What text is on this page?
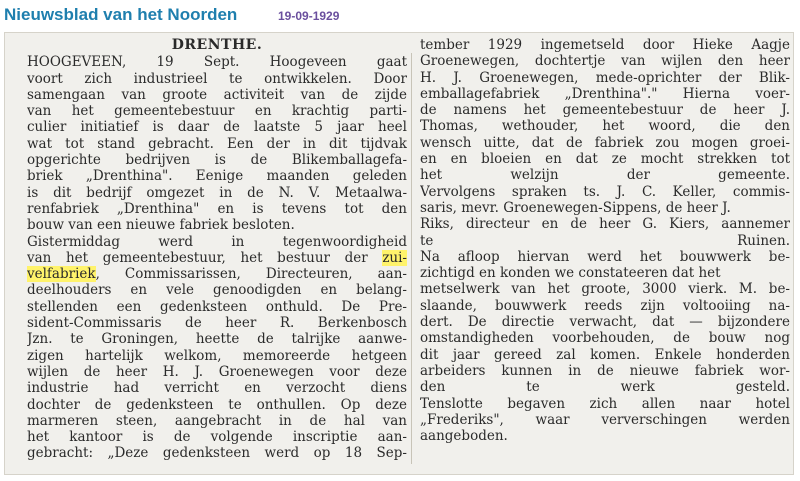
Nieuwsblad van het Noorden	19-09-1929
DRENTHE.
HOOGEVEEN, 19 Sept. Hoogeveen gaat
voort zich industrieel te ontwikkelen. Door
samengaan van groote activiteit van de zijde
van het gemeentebestuur en krachtig parti-
culier initiatief is daar de laatste 5 jaar heel
wat tot stand gebracht. Een der in dit tijdvak
opgerichte bedrijven is de Blikemballagefa-
briek „Drenthina". Eenige maanden geleden
is dit bedrijf omgezet in de N. V. Metaalwa-
renfabriek „Drenthina" en is tevens tot den
bouw van een nieuwe fabriek besloten.
Gistermiddag werd in tegenwoordigheid
van het gemeentebestuur, het bestuur der zui-
velfabriek, Commissarissen, Directeuren, aan-
deelhouders en vele genoodigden en belang-
stellenden een gedenksteen onthuld. De Pre-
sident-Commissaris de heer R. Berkenbosch
Jzn. te Groningen, heette de talrijke aanwe-
zigen hartelijk welkom, memoreerde hetgeen
wijlen de heer H. J. Groenewegen voor deze
industrie had verricht en verzocht diens
dochter de gedenksteen te onthullen. Op deze
marmeren steen, aangebracht in de hal van
het kantoor is de volgende inscriptie aan-
gebracht: „Deze gedenksteen werd op 18 Sep-
tember 1929 ingemetseld door Hieke Aagje
Groenewegen, dochtertje van wijlen den heer
H. J. Groenewegen, mede-oprichter der Blik-
emballagefabriek „Drenthina"." Hierna voer-
de namens het gemeentebestuur de heer J.
Thomas, wethouder, het woord, die den
wensch uitte, dat de fabriek zou mogen groei-
en en bloeien en dat ze mocht strekken tot
het welzijn der gemeente.
Vervolgens spraken ts. J. C. Keller, commis-
saris, mevr. Groenewegen-Sippens, de heer J.
Riks, directeur en de heer G. Kiers, aannemer
te Ruinen.
Na afloop hiervan werd het bouwwerk be-
zichtigd en konden we constateeren dat het
metselwerk van het groote, 3000 vierk. M. be-
slaande, bouwwerk reeds zijn voltooiing na-
dert. De directie verwacht, dat — bijzondere
omstandigheden voorbehouden, de bouw nog
dit jaar gereed zal komen. Enkele honderden
arbeiders kunnen in de nieuwe fabriek wor-
den te werk gesteld.
Tenslotte begaven zich allen naar hotel
„Frederiks", waar ververschingen werden
aangeboden.
